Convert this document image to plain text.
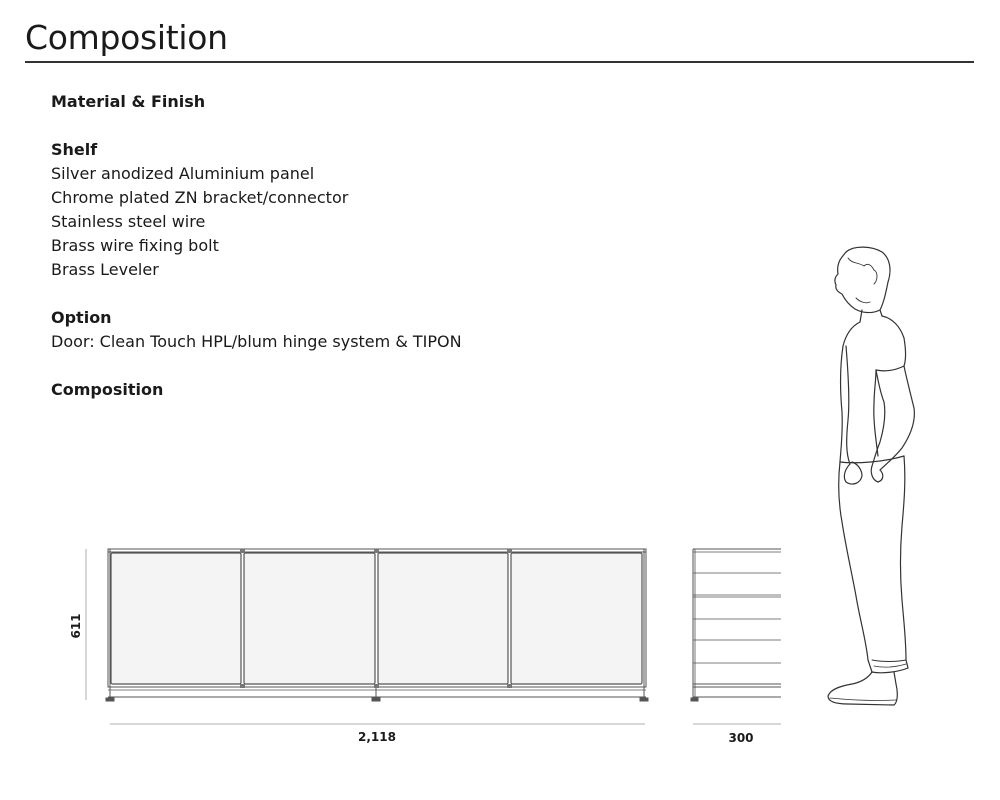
Composition
Material & Finish
Shelf
Silver anodized Aluminium panel
Chrome plated ZN bracket/connector
Stainless steel wire
Brass wire fixing bolt
Brass Leveler
Option
Door: Clean Touch HPL/blum hinge system & TIPON
Composition
611
2,118	300
